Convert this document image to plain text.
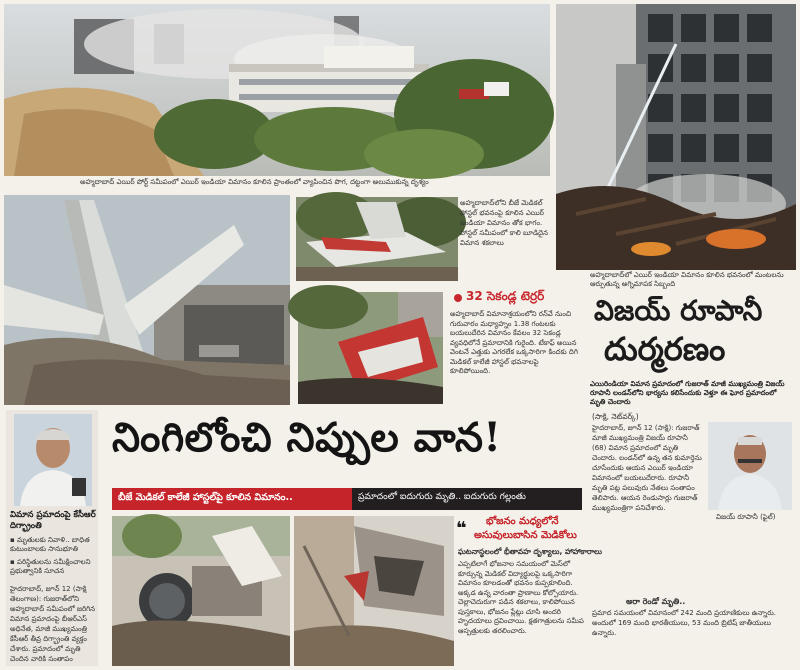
అహ్మదాబాద్ ఎయిర్ పోర్ట్ సమీపంలో ఎయిర్ ఇండియా విమానం కూలిన ప్రాంతంలో వ్యాపించిన పొగ, దట్టంగా అలుముకున్న దృశ్యం
అహ్మదాబాద్‌లో ఎయిర్ ఇండియా విమానం కూలిన భవనంలో మంటలను ఆర్పుతున్న అగ్నిమాపక సిబ్బంది
అహ్మదాబాద్‌లోని బీజే మెడికల్ హాస్టల్ భవనంపై కూలిన ఎయిర్ ఇండియా విమానం తోక భాగం. హాస్టల్ సమీపంలో కాలి బూడిదైన విమాన శకలాలు
32 సెకండ్ల టెర్రర్
అహ్మదాబాద్ విమానాశ్రయంలోని రన్‌వే నుంచి గురువారం మధ్యాహ్నం 1.38 గంటలకు బయలుదేరిన విమానం కేవలం 32 సెకండ్ల వ్యవధిలోనే ప్రమాదానికి గురైంది. టేకాఫ్ అయిన వెంటనే ఎత్తుకు ఎగరలేక ఒక్కసారిగా కిందకు దిగి మెడికల్ కాలేజీ హాస్టల్ భవనాలపై కూలిపోయింది.
విజయ్ రూపానీ
దుర్మరణం
ఎయిరిండియా విమాన ప్రమాదంలో గుజరాత్ మాజీ ముఖ్యమంత్రి విజయ్ రూపానీ లండన్‌లోని భార్యను కలిసేందుకు వెళ్తూ ఈ ఘోర ప్రమాదంలో మృతి చెందారు
(సాక్షి, నెట్‌వర్క్)
హైదరాబాద్, జూన్ 12 (సాక్షి): గుజరాత్ మాజీ ముఖ్యమంత్రి విజయ్ రూపానీ (68) విమాన ప్రమాదంలో మృతి చెందారు. లండన్‌లో ఉన్న తన కుమార్తెను చూసేందుకు ఆయన ఎయిర్ ఇండియా విమానంలో బయలుదేరారు. రూపానీ మృతి పట్ల పలువురు నేతలు సంతాపం తెలిపారు. ఆయన రెండుసార్లు గుజరాత్ ముఖ్యమంత్రిగా పనిచేశారు.
విజయ్ రూపానీ (ఫైల్)
అరా రెండో మృతి..
ప్రమాద సమయంలో విమానంలో 242 మంది ప్రయాణికులు ఉన్నారు. అందులో 169 మంది భారతీయులు, 53 మంది బ్రిటిష్ జాతీయులు ఉన్నారు.
విమాన ప్రమాదంపై కేసీఆర్ దిగ్భ్రాంతి
▪ మృతులకు నివాళి.. బాధిత కుటుంబాలకు సానుభూతి
▪ పరిస్థితులను సమీక్షించాలని ప్రభుత్వానికి సూచన
హైదరాబాద్, జూన్ 12 (సాక్షి తెలంగాణ): గుజరాత్‌లోని అహ్మదాబాద్ సమీపంలో జరిగిన విమాన ప్రమాదంపై బీఆర్‌ఎస్ అధినేత, మాజీ ముఖ్యమంత్రి కేసీఆర్ తీవ్ర దిగ్భ్రాంతి వ్యక్తం చేశారు. ప్రమాదంలో మృతి చెందిన వారికి సంతాపం
నింగిలోంచి నిప్పుల వాన!
బీజే మెడికల్ కాలేజీ హాస్టల్‌పై కూలిన విమానం..	ప్రమాదంలో ఐదుగురు మృతి.. ఐదుగురు గల్లంతు
❝ భోజనం మధ్యలోనే
అసువులుబాసిన మెడికోలు
ఘటనాస్థలంలో భీతావహ దృశ్యాలు, హాహాకారాలు
ఎప్పటిలాగే భోజనాల సమయంలో మెస్‌లో కూర్చున్న మెడికల్ విద్యార్థులపై ఒక్కసారిగా విమానం కూలడంతో భవనం కుప్పకూలింది. అక్కడ ఉన్న వారంతా ప్రాణాలు కోల్పోయారు. చెల్లాచెదురుగా పడిన శకలాలు, కాలిపోయిన పుస్తకాలు, భోజనం ప్లేట్లు చూసి అందరి హృదయాలు ద్రవించాయి. క్షతగాత్రులను సమీప ఆస్పత్రులకు తరలించారు.
